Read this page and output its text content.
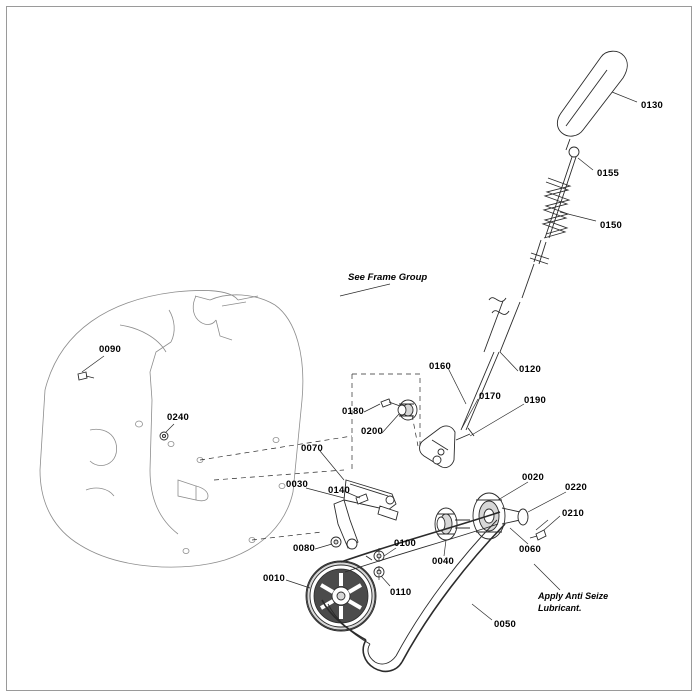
0130
0155
0150
0120
0160
0170 0190
0180
0200
0090
0240
0070
0020
0220
0210
0030
0140
0080	0100
0040
0060
0110
0010
0050
See Frame Group
Apply Anti Seize
Lubricant.
